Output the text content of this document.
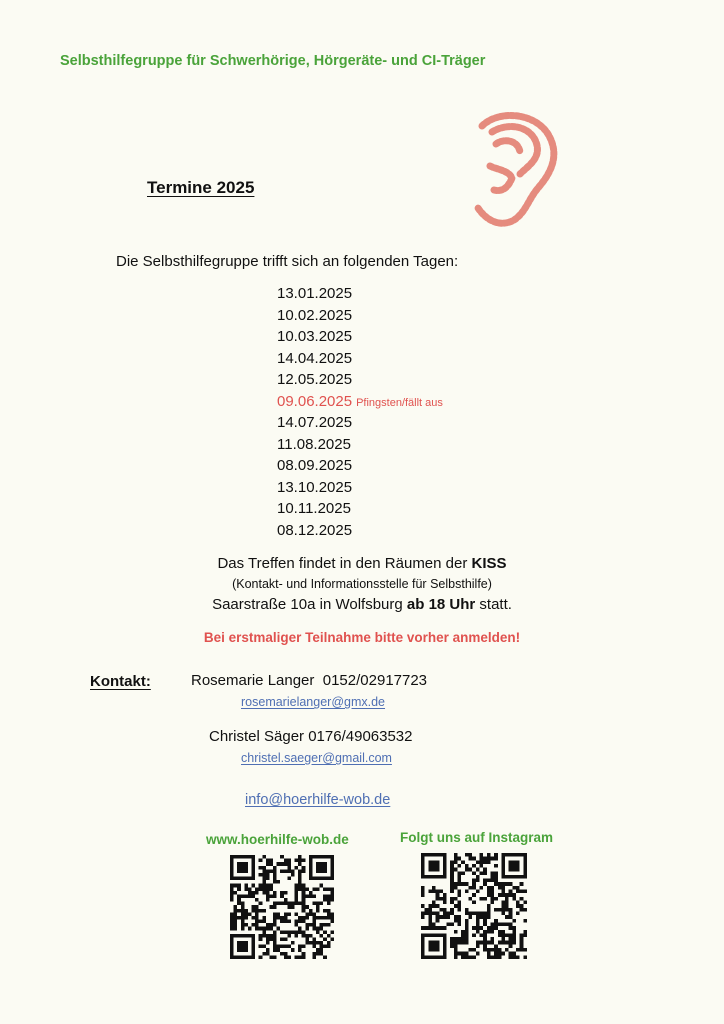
Selbsthilfegruppe für Schwerhörige, Hörgeräte- und CI-Träger
Termine 2025
Die Selbsthilfegruppe trifft sich an folgenden Tagen:
13.01.2025
10.02.2025
10.03.2025
14.04.2025
12.05.2025
09.06.2025 Pfingsten/fällt aus
14.07.2025
11.08.2025
08.09.2025
13.10.2025
10.11.2025
08.12.2025
Das Treffen findet in den Räumen der KISS
(Kontakt- und Informationsstelle für Selbsthilfe)
Saarstraße 10a in Wolfsburg ab 18 Uhr statt.
Bei erstmaliger Teilnahme bitte vorher anmelden!
Kontakt:	Rosemarie Langer 0152/02917723
rosemarielanger@gmx.de
Christel Säger 0176/49063532
christel.saeger@gmail.com
info@hoerhilfe-wob.de
www.hoerhilfe-wob.de	Folgt uns auf Instagram
